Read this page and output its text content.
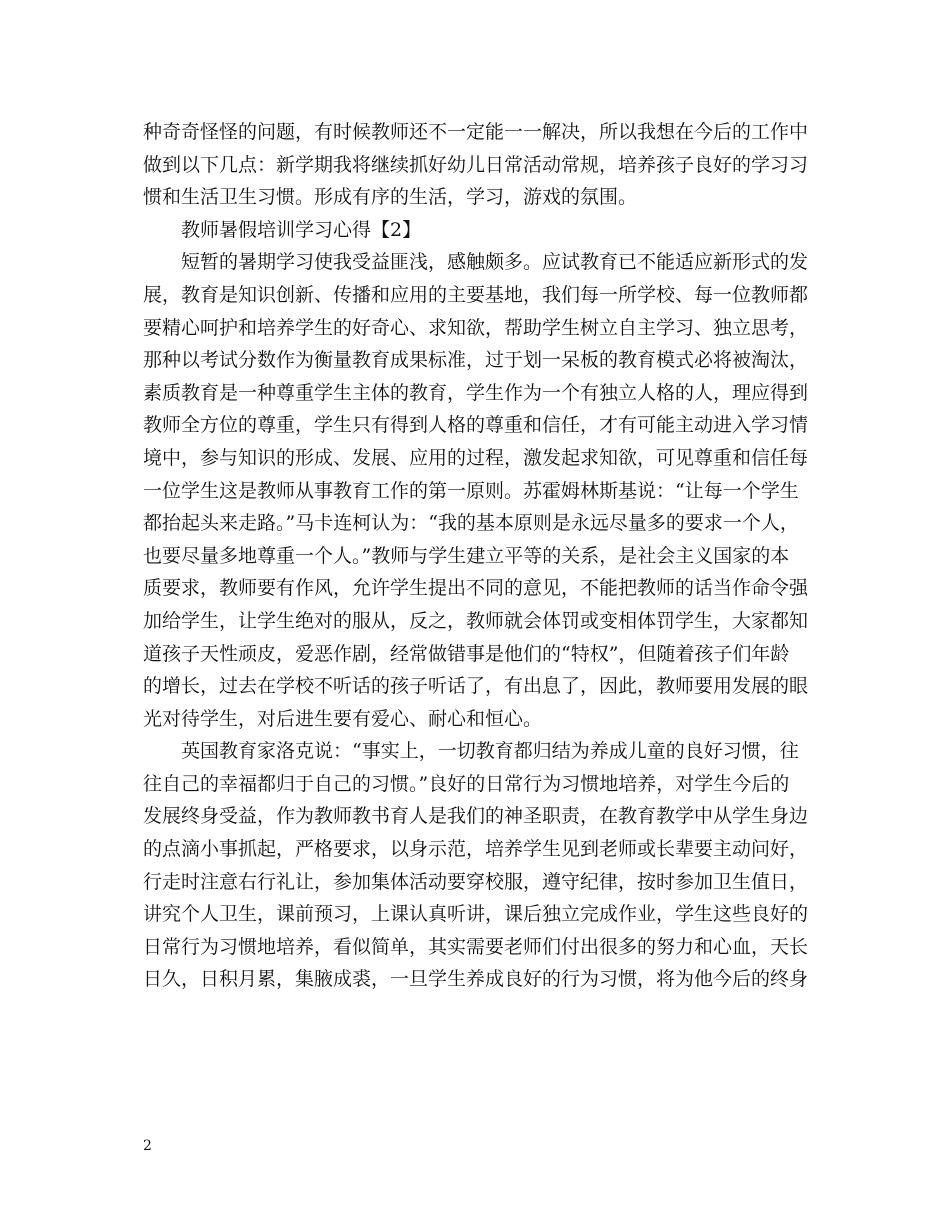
种奇奇怪怪的问题，有时候教师还不一定能一一解决，所以我想在今后的工作中
做到以下几点：新学期我将继续抓好幼儿日常活动常规，培养孩子良好的学习习
惯和生活卫生习惯。形成有序的生活，学习，游戏的氛围。
教师暑假培训学习心得【2】
短暂的暑期学习使我受益匪浅，感触颇多。应试教育已不能适应新形式的发
展，教育是知识创新、传播和应用的主要基地，我们每一所学校、每一位教师都
要精心呵护和培养学生的好奇心、求知欲，帮助学生树立自主学习、独立思考，
那种以考试分数作为衡量教育成果标准，过于划一呆板的教育模式必将被淘汰，
素质教育是一种尊重学生主体的教育，学生作为一个有独立人格的人，理应得到
教师全方位的尊重，学生只有得到人格的尊重和信任，才有可能主动进入学习情
境中，参与知识的形成、发展、应用的过程，激发起求知欲，可见尊重和信任每
一位学生这是教师从事教育工作的第一原则。苏霍姆林斯基说：“让每一个学生
都抬起头来走路。”马卡连柯认为：“我的基本原则是永远尽量多的要求一个人，
也要尽量多地尊重一个人。”教师与学生建立平等的关系，是社会主义国家的本
质要求，教师要有作风，允许学生提出不同的意见，不能把教师的话当作命令强
加给学生，让学生绝对的服从，反之，教师就会体罚或变相体罚学生，大家都知
道孩子天性顽皮，爱恶作剧，经常做错事是他们的“特权”，但随着孩子们年龄
的增长，过去在学校不听话的孩子听话了，有出息了，因此，教师要用发展的眼
光对待学生，对后进生要有爱心、耐心和恒心。
英国教育家洛克说：“事实上，一切教育都归结为养成儿童的良好习惯，往
往自己的幸福都归于自己的习惯。”良好的日常行为习惯地培养，对学生今后的
发展终身受益，作为教师教书育人是我们的神圣职责，在教育教学中从学生身边
的点滴小事抓起，严格要求，以身示范，培养学生见到老师或长辈要主动问好，
行走时注意右行礼让，参加集体活动要穿校服，遵守纪律，按时参加卫生值日，
讲究个人卫生，课前预习，上课认真听讲，课后独立完成作业，学生这些良好的
日常行为习惯地培养，看似简单，其实需要老师们付出很多的努力和心血，天长
日久，日积月累，集腋成裘，一旦学生养成良好的行为习惯，将为他今后的终身
2
